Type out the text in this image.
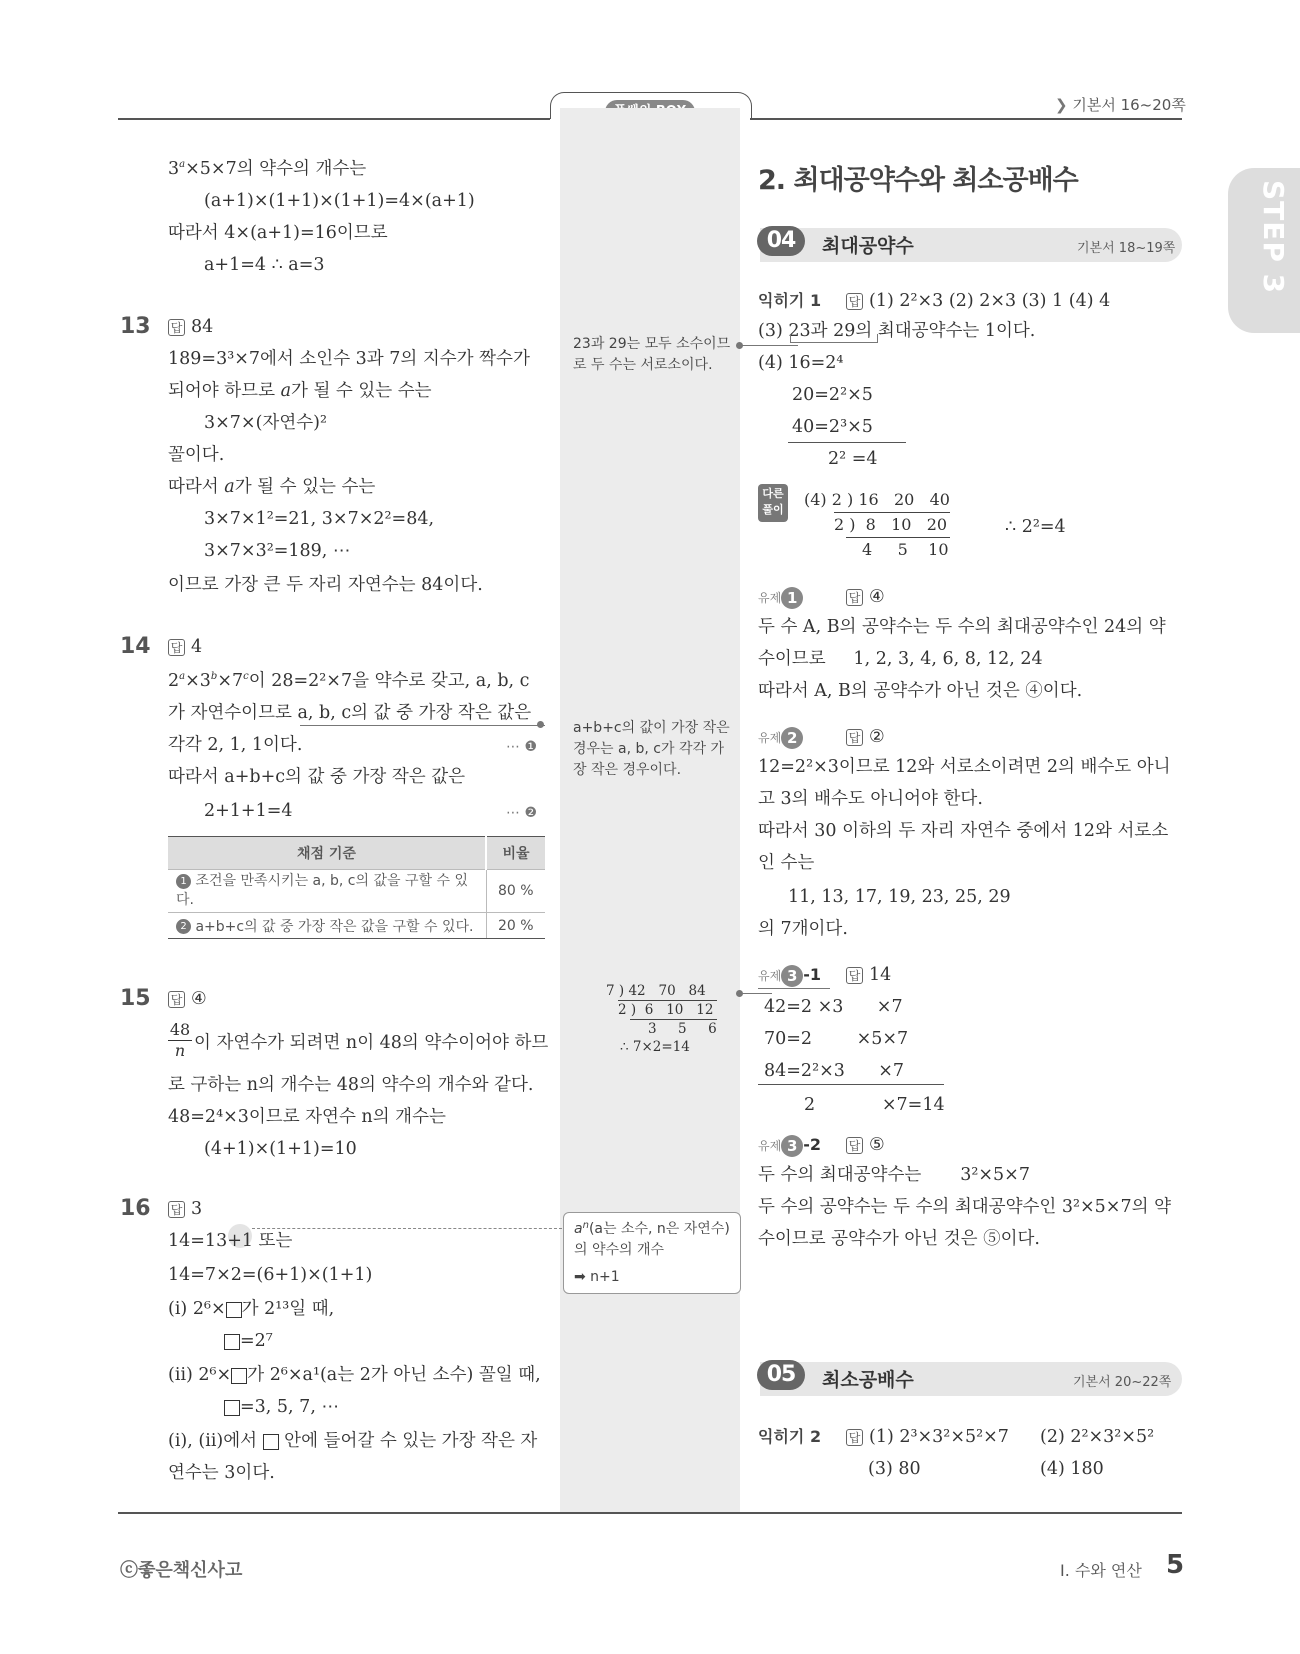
❯ 기본서 16~20쪽
STEP 3
$3^a\times 5\times 7$의 약수의 개수는
(a+1)×(1+1)×(1+1)=4×(a+1)
따라서 4×(a+1)=16이므로
a+1=4 ∴ a=3
13 답 84
189=3³×7에서 소인수 3과 7의 지수가 짝수가
되어야 하므로 a가 될 수 있는 수는
3×7×(자연수)²
꼴이다.
따라서 a가 될 수 있는 수는
3×7×1²=21, 3×7×2²=84,
3×7×3²=189, ⋯
이므로 가장 큰 두 자리 자연수는 84이다.
14 답 4
$2^a\times 3^b\times 7^c$이 28=2²×7을 약수로 갖고, a, b, c
가 자연수이므로 a, b, c의 값 중 가장 작은 값은
각각 2, 1, 1이다.	⋯ ❶
따라서 a+b+c의 값 중 가장 작은 값은
2+1+1=4	⋯ ❷
채점 기준	비율
1 조건을 만족시키는 a, b, c의 값을 구할 수 있다.	80 %
2 a+b+c의 값 중 가장 작은 값을 구할 수 있다.	20 %
15 답 ④
48
n 이 자연수가 되려면 n이 48의 약수이어야 하므
로 구하는 n의 개수는 48의 약수의 개수와 같다.
48=2⁴×3이므로 자연수 n의 개수는
(4+1)×(1+1)=10
16 답 3
14=13+1 또는
14=7×2=(6+1)×(1+1)
(ⅰ) 2⁶× 가 2¹³일 때,
=2⁷
(ⅱ) 2⁶× 가 2⁶×a¹(a는 2가 아닌 소수) 꼴일 때,
=3, 5, 7, ⋯
(ⅰ), (ⅱ)에서  안에 들어갈 수 있는 가장 작은 자
연수는 3이다.
23과 29는 모두 소수이므로 두 수는 서로소이다.
a+b+c의 값이 가장 작은 경우는 a, b, c가 각각 가장 작은 경우이다.
7 ) 42   70   84
2 )  6   10   12
3     5     6
∴ 7×2=14
$a^n(a$는 소수, n은 자연수)의 약수의 개수
➡ n+1
2. 최대공약수와 최소공배수
04	최대공약수	기본서 18~19쪽
익히기 1 답 (1) 2²×3 (2) 2×3 (3) 1 (4) 4
(3) 23과 29의 최대공약수는 1이다.
(4) 16=2⁴
20=2²×5
40=2³×5
2² =4
다른풀이
(4) 2 ) 16   20   40
2 )  8   10   20
4     5    10
∴ 2²=4
유제 1	답 ④
두 수 A, B의 공약수는 두 수의 최대공약수인 24의 약
수이므로     1, 2, 3, 4, 6, 8, 12, 24
따라서 A, B의 공약수가 아닌 것은 ④이다.
유제 2	답 ②
12=2²×3이므로 12와 서로소이려면 2의 배수도 아니
고 3의 배수도 아니어야 한다.
따라서 30 이하의 두 자리 자연수 중에서 12와 서로소
인 수는
11, 13, 17, 19, 23, 25, 29
의 7개이다.
유제 3 -1 답 14
42=2 ×3      ×7
70=2        ×5×7
84=2²×3      ×7
2            ×7=14
유제 3 -2 답 ⑤
두 수의 최대공약수는       3²×5×7
두 수의 공약수는 두 수의 최대공약수인 3²×5×7의 약
수이므로 공약수가 아닌 것은 ⑤이다.
05	최소공배수	기본서 20~22쪽
익히기 2 답 (1) 2³×3²×5²×7 (2) 2²×3²×5²
(3) 80	(4) 180
ⓒ좋은책신사고	Ⅰ. 수와 연산 5
